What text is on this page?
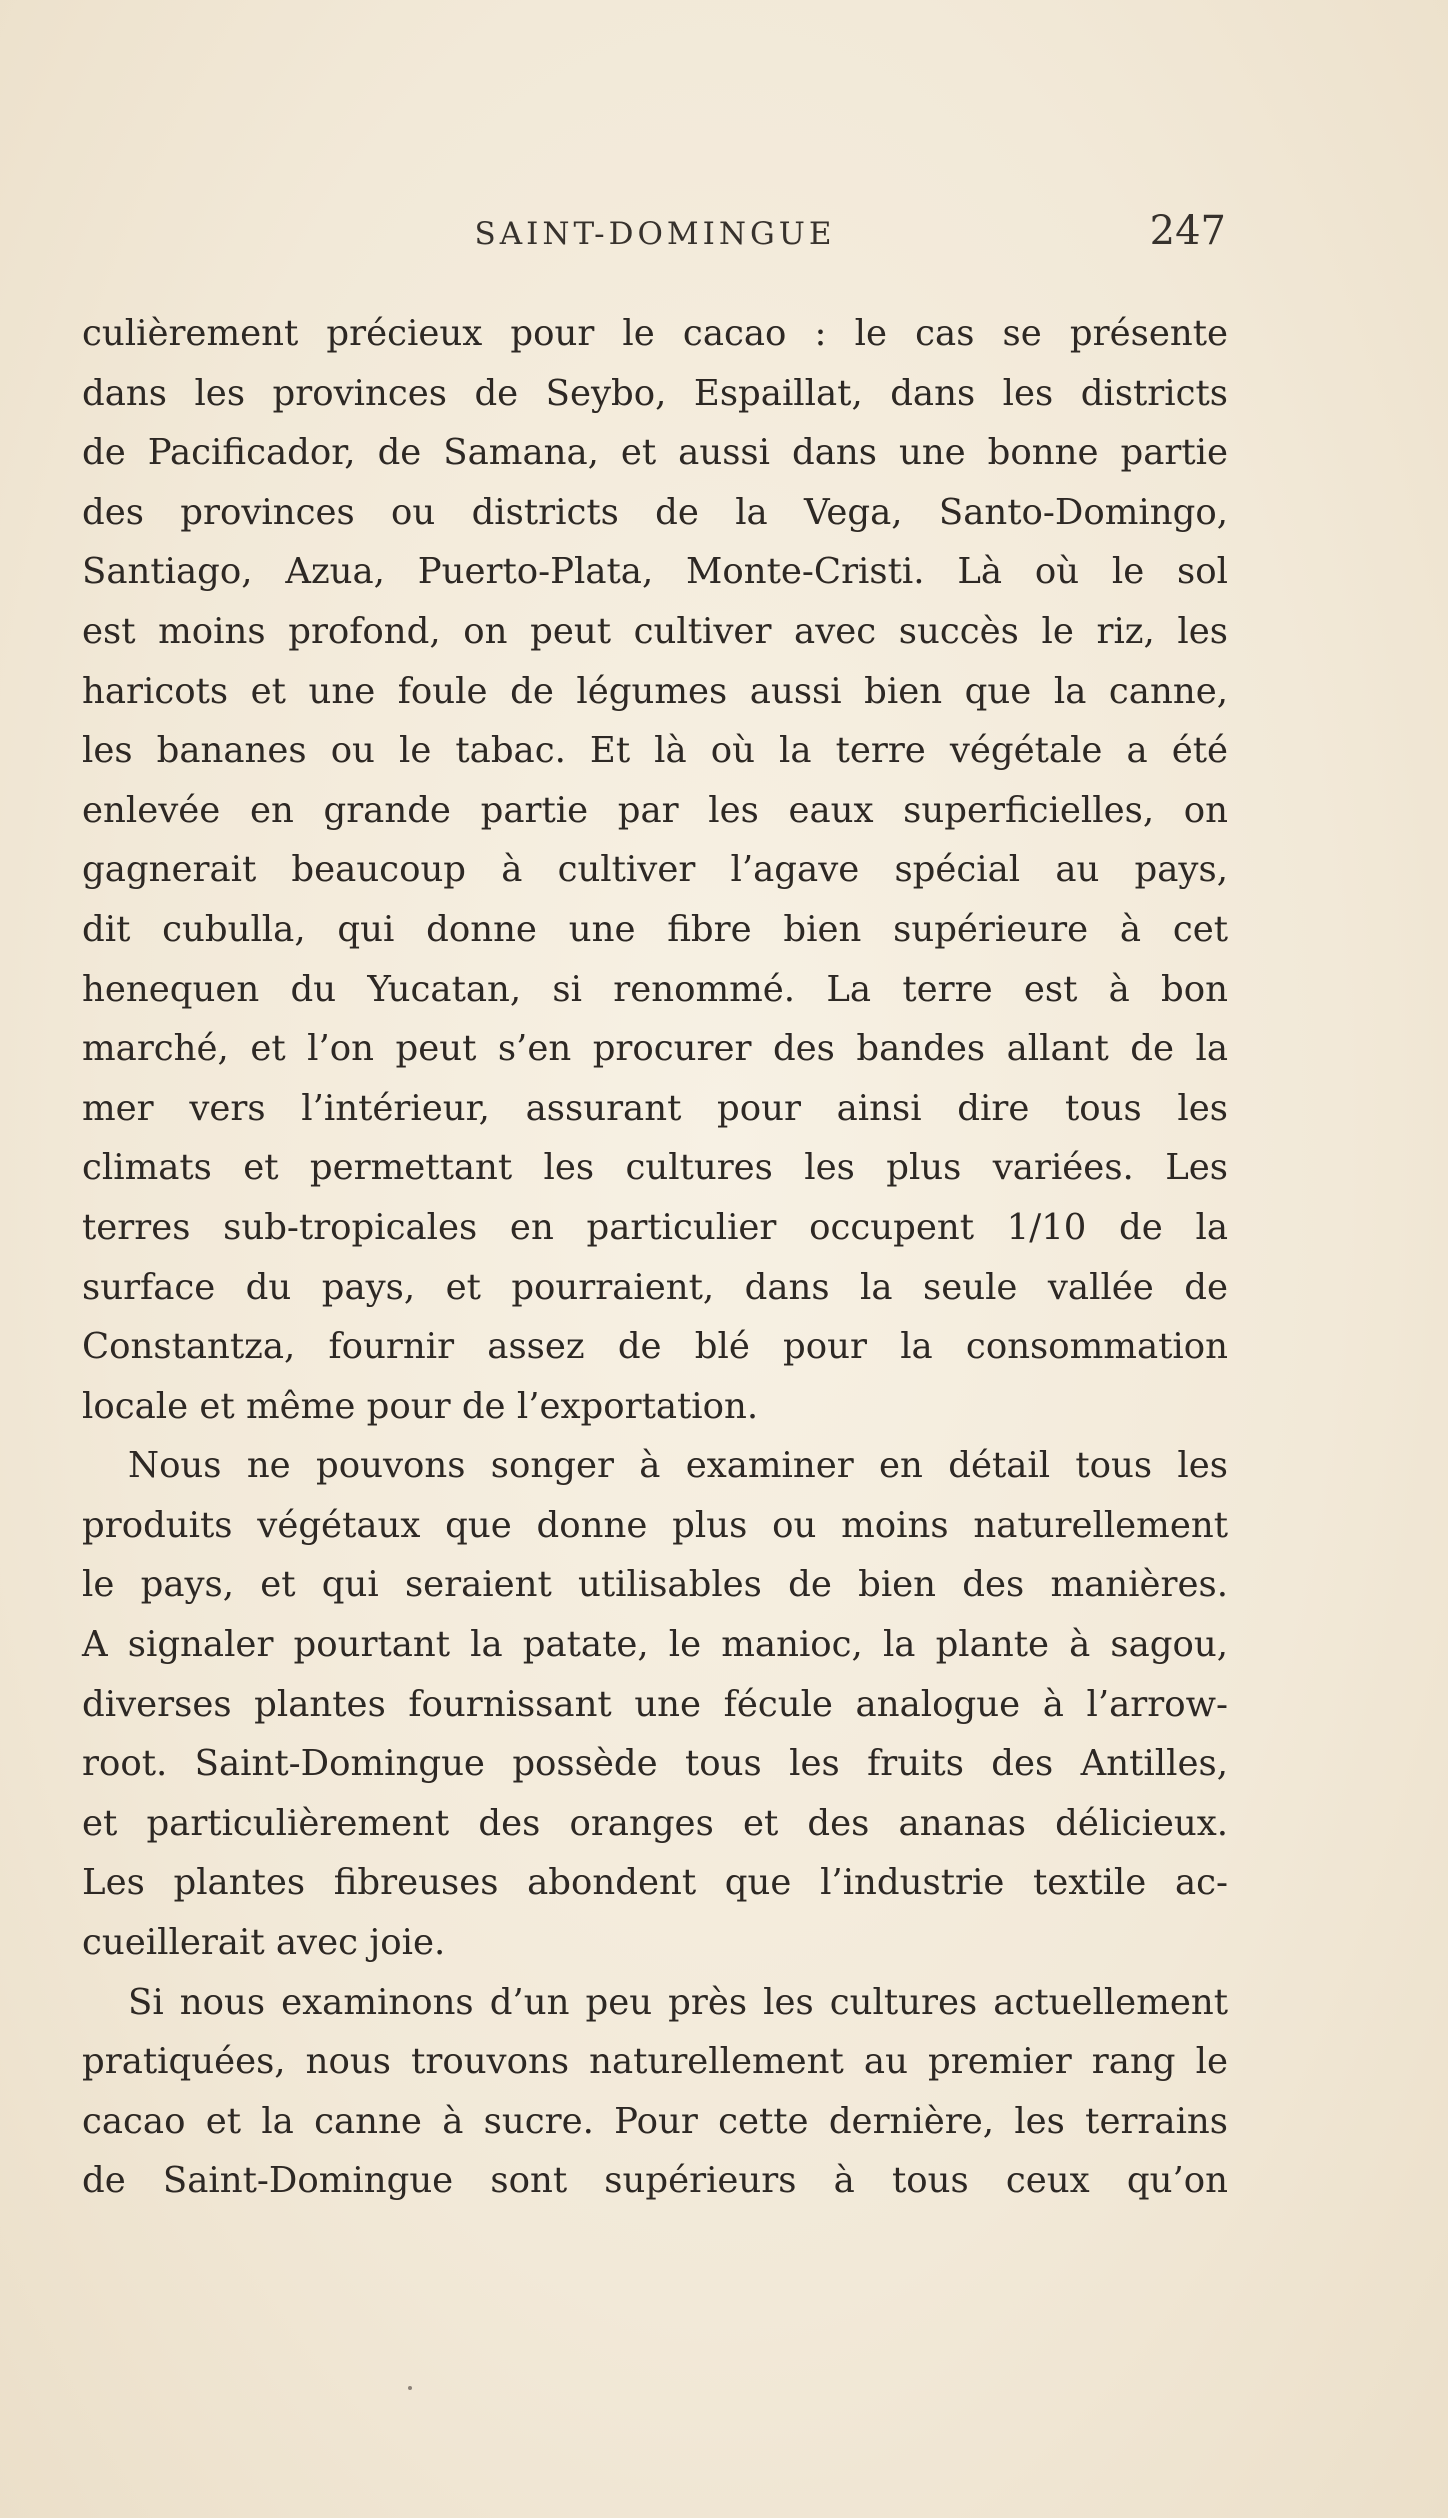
SAINT-DOMINGUE	247
culièrement précieux pour le cacao : le cas se présente
dans les provinces de Seybo, Espaillat, dans les districts
de Pacificador, de Samana, et aussi dans une bonne partie
des provinces ou districts de la Vega, Santo-Domingo,
Santiago, Azua, Puerto-Plata, Monte-Cristi. Là où le sol
est moins profond, on peut cultiver avec succès le riz, les
haricots et une foule de légumes aussi bien que la canne,
les bananes ou le tabac. Et là où la terre végétale a été
enlevée en grande partie par les eaux superficielles, on
gagnerait beaucoup à cultiver l’agave spécial au pays,
dit cubulla, qui donne une fibre bien supérieure à cet
henequen du Yucatan, si renommé. La terre est à bon
marché, et l’on peut s’en procurer des bandes allant de la
mer vers l’intérieur, assurant pour ainsi dire tous les
climats et permettant les cultures les plus variées. Les
terres sub-tropicales en particulier occupent 1/10 de la
surface du pays, et pourraient, dans la seule vallée de
Constantza, fournir assez de blé pour la consommation
locale et même pour de l’exportation.
Nous ne pouvons songer à examiner en détail tous les
produits végétaux que donne plus ou moins naturellement
le pays, et qui seraient utilisables de bien des manières.
A signaler pourtant la patate, le manioc, la plante à sagou,
diverses plantes fournissant une fécule analogue à l’arrow-
root. Saint-Domingue possède tous les fruits des Antilles,
et particulièrement des oranges et des ananas délicieux.
Les plantes fibreuses abondent que l’industrie textile ac-
cueillerait avec joie.
Si nous examinons d’un peu près les cultures actuellement
pratiquées, nous trouvons naturellement au premier rang le
cacao et la canne à sucre. Pour cette dernière, les terrains
de Saint-Domingue sont supérieurs à tous ceux qu’on
